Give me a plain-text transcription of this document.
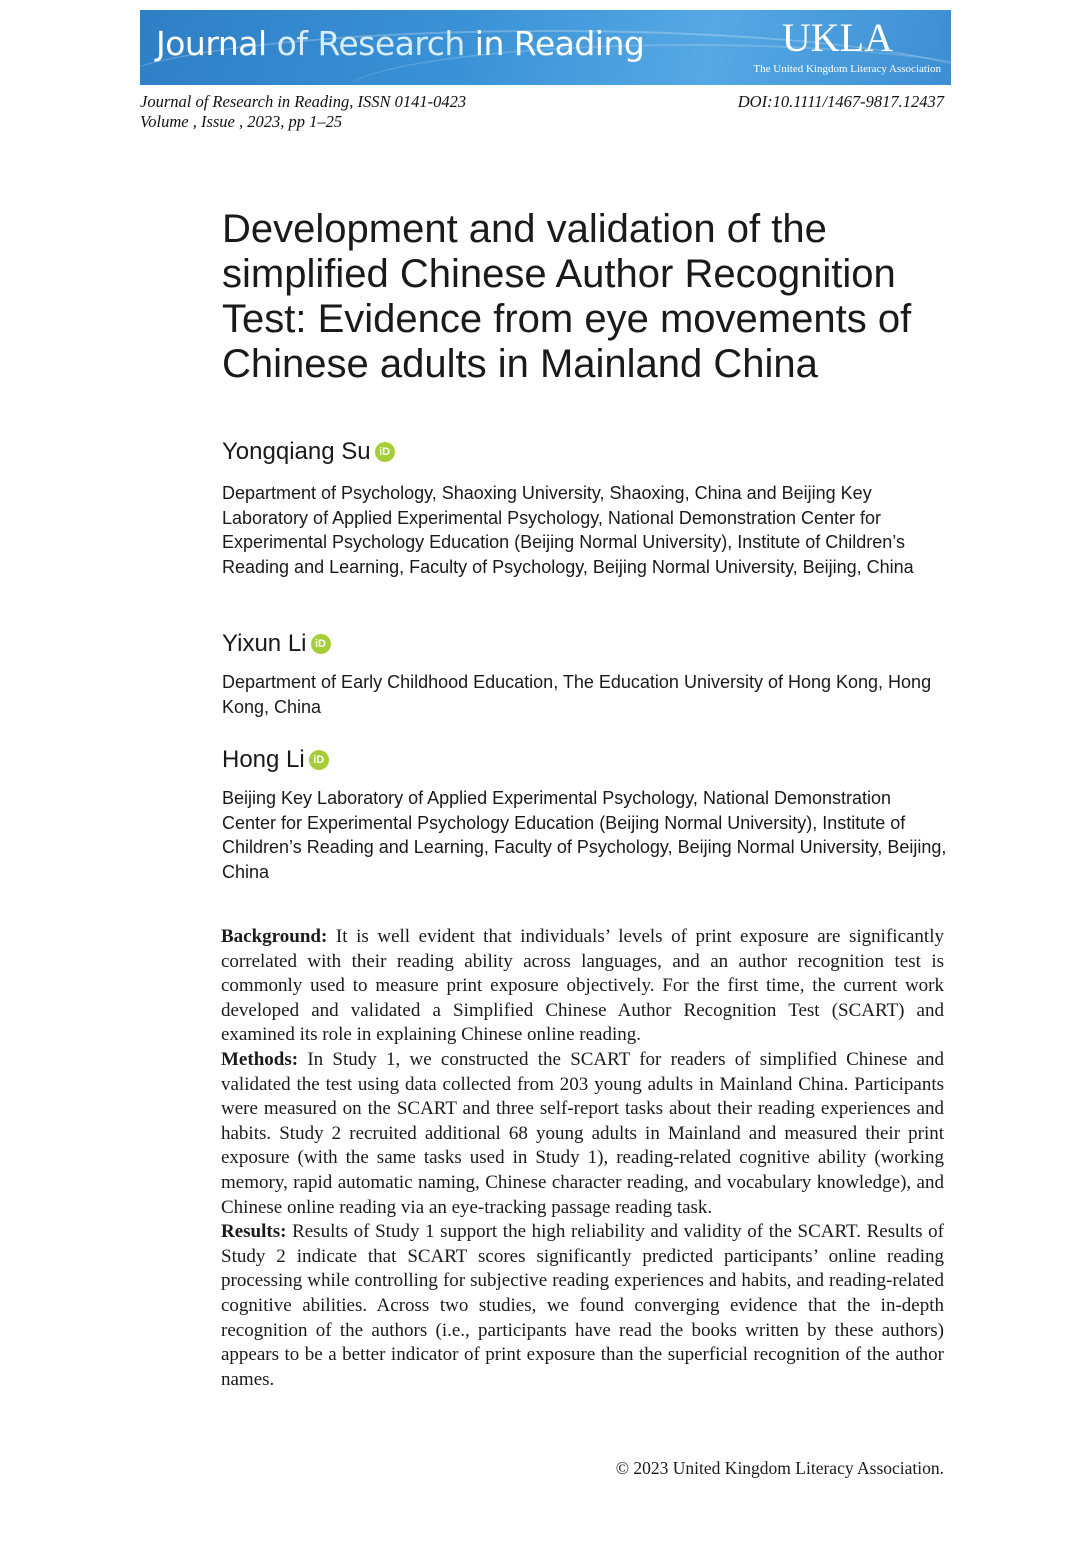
Journal of Research in Reading	UKLA
The United Kingdom Literacy Association
Journal of Research in Reading, ISSN 0141-0423
Volume , Issue , 2023, pp 1–25
DOI:10.1111/1467-9817.12437
Development and validation of the simplified Chinese Author Recognition Test: Evidence from eye movements of Chinese adults in Mainland China
Yongqiang Su iD
Department of Psychology, Shaoxing University, Shaoxing, China and Beijing Key Laboratory of Applied Experimental Psychology, National Demonstration Center for Experimental Psychology Education (Beijing Normal University), Institute of Children’s Reading and Learning, Faculty of Psychology, Beijing Normal University, Beijing, China
Yixun Li iD
Department of Early Childhood Education, The Education University of Hong Kong, Hong Kong, China
Hong Li iD
Beijing Key Laboratory of Applied Experimental Psychology, National Demonstration Center for Experimental Psychology Education (Beijing Normal University), Institute of Children’s Reading and Learning, Faculty of Psychology, Beijing Normal University, Beijing, China

Background: It is well evident that individuals’ levels of print exposure are significantly correlated with their reading ability across languages, and an author recognition test is commonly used to measure print exposure objectively. For the first time, the current work developed and validated a Simplified Chinese Author Recognition Test (SCART) and examined its role in explaining Chinese online reading.

Methods: In Study 1, we constructed the SCART for readers of simplified Chinese and validated the test using data collected from 203 young adults in Mainland China. Participants were measured on the SCART and three self-report tasks about their reading experiences and habits. Study 2 recruited additional 68 young adults in Mainland and measured their print exposure (with the same tasks used in Study 1), reading-related cognitive ability (working memory, rapid automatic naming, Chinese character reading, and vocabulary knowledge), and Chinese online reading via an eye-tracking passage reading task.

Results: Results of Study 1 support the high reliability and validity of the SCART. Results of Study 2 indicate that SCART scores significantly predicted participants’ online reading processing while controlling for subjective reading experiences and habits, and reading-related cognitive abilities. Across two studies, we found converging evidence that the in-depth recognition of the authors (i.e., participants have read the books written by these authors) appears to be a better indicator of print exposure than the superficial recognition of the author names.

© 2023 United Kingdom Literacy Association.
